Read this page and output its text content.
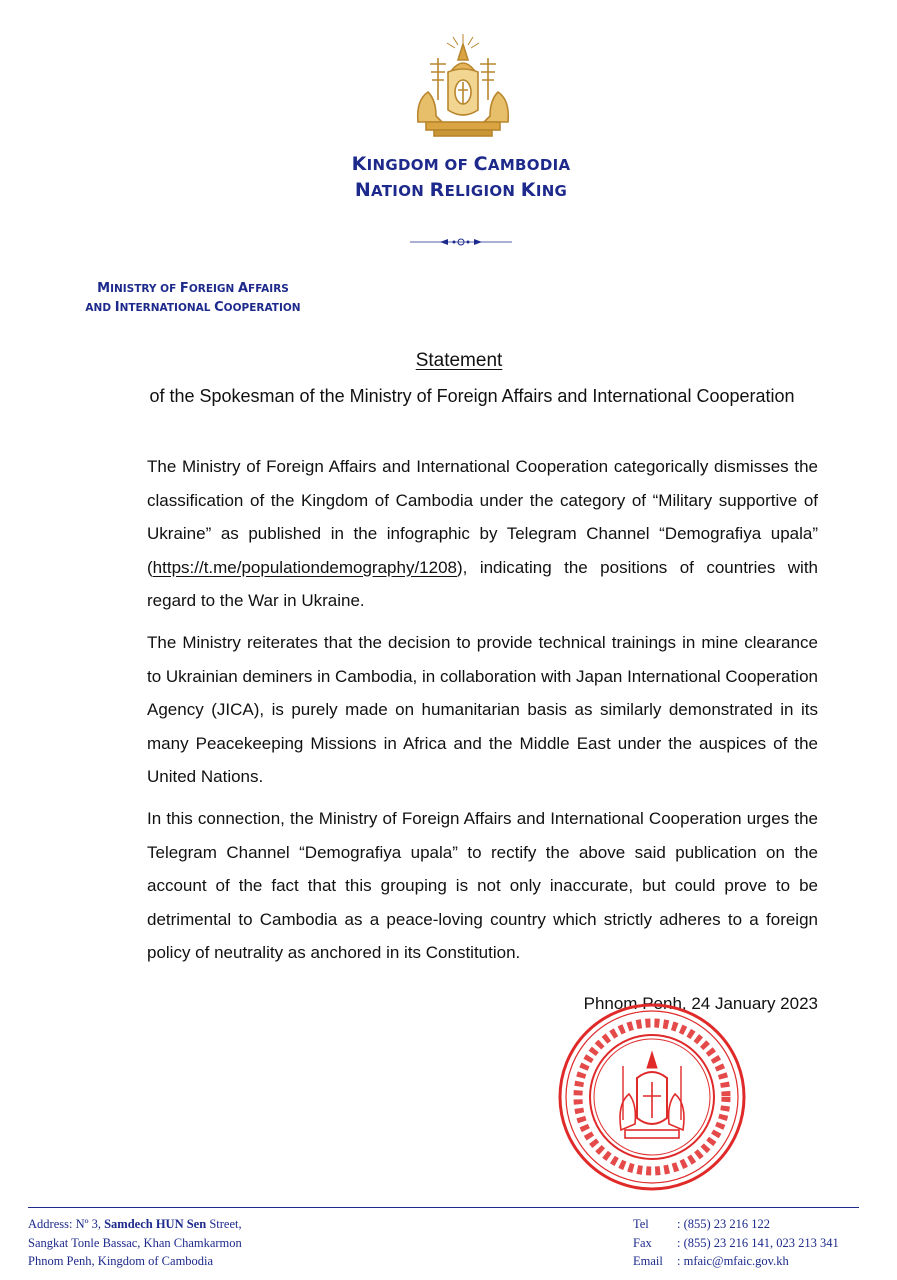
KINGDOM OF CAMBODIA
NATION RELIGION KING
MINISTRY OF FOREIGN AFFAIRS
AND INTERNATIONAL COOPERATION
Statement
of the Spokesman of the Ministry of Foreign Affairs and International Cooperation

The Ministry of Foreign Affairs and International Cooperation categorically dismisses the classification of the Kingdom of Cambodia under the category of “Military supportive of Ukraine” as published in the infographic by Telegram Channel “Demografiya upala” (https://t.me/populationdemography/1208), indicating the positions of countries with regard to the War in Ukraine.

The Ministry reiterates that the decision to provide technical trainings in mine clearance to Ukrainian deminers in Cambodia, in collaboration with Japan International Cooperation Agency (JICA), is purely made on humanitarian basis as similarly demonstrated in its many Peacekeeping Missions in Africa and the Middle East under the auspices of the United Nations.

In this connection, the Ministry of Foreign Affairs and International Cooperation urges the Telegram Channel “Demografiya upala” to rectify the above said publication on the account of the fact that this grouping is not only inaccurate, but could prove to be detrimental to Cambodia as a peace-loving country which strictly adheres to a foreign policy of neutrality as anchored in its Constitution.

Phnom Penh, 24 January 2023
Address: Nº 3, Samdech HUN Sen Street,
Sangkat Tonle Bassac, Khan Chamkarmon
Phnom Penh, Kingdom of Cambodia
Tel : (855) 23 216 122
Fax : (855) 23 216 141, 023 213 341
Email : mfaic@mfaic.gov.kh
